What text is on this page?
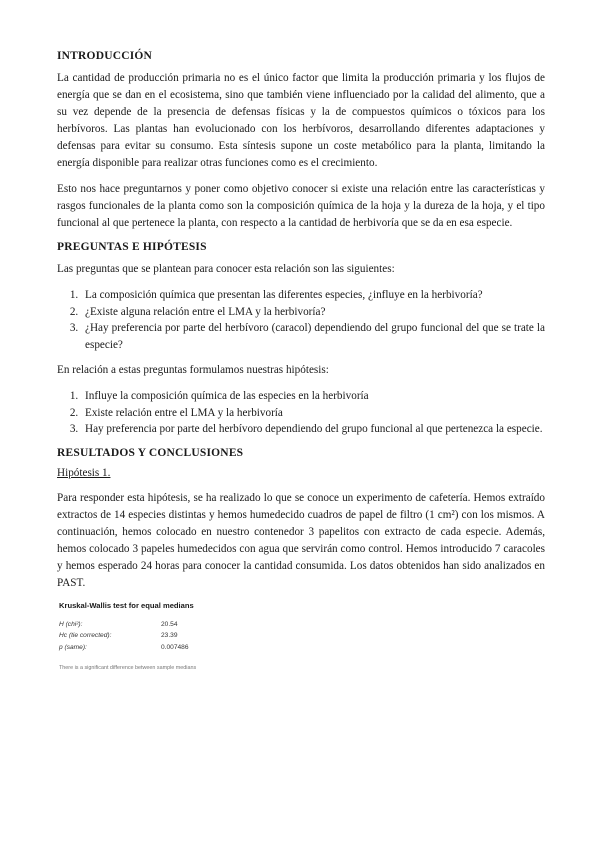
INTRODUCCIÓN

La cantidad de producción primaria no es el único factor que limita la producción primaria y los flujos de energía que se dan en el ecosistema, sino que también viene influenciado por la calidad del alimento, que a su vez depende de la presencia de defensas físicas y la de compuestos químicos o tóxicos para los herbívoros. Las plantas han evolucionado con los herbívoros, desarrollando diferentes adaptaciones y defensas para evitar su consumo. Esta síntesis supone un coste metabólico para la planta, limitando la energía disponible para realizar otras funciones como es el crecimiento.

Esto nos hace preguntarnos y poner como objetivo conocer si existe una relación entre las características y rasgos funcionales de la planta como son la composición química de la hoja y la dureza de la hoja, y el tipo funcional al que pertenece la planta, con respecto a la cantidad de herbivoría que se da en esa especie.

PREGUNTAS E HIPÓTESIS

Las preguntas que se plantean para conocer esta relación son las siguientes:

1. La composición química que presentan las diferentes especies, ¿influye en la herbivoría?
2. ¿Existe alguna relación entre el LMA y la herbivoría?
3. ¿Hay preferencia por parte del herbívoro (caracol) dependiendo del grupo funcional del que se trate la especie?

En relación a estas preguntas formulamos nuestras hipótesis:

1. Influye la composición química de las especies en la herbivoría
2. Existe relación entre el LMA y la herbivoría
3. Hay preferencia por parte del herbívoro dependiendo del grupo funcional al que pertenezca la especie.
RESULTADOS Y CONCLUSIONES
Hipótesis 1.

Para responder esta hipótesis, se ha realizado lo que se conoce un experimento de cafetería. Hemos extraído extractos de 14 especies distintas y hemos humedecido cuadros de papel de filtro (1 cm²) con los mismos. A continuación, hemos colocado en nuestro contenedor 3 papelitos con extracto de cada especie. Además, hemos colocado 3 papeles humedecidos con agua que servirán como control. Hemos introducido 7 caracoles y hemos esperado 24 horas para conocer la cantidad consumida. Los datos obtenidos han sido analizados en PAST.

Kruskal-Wallis test for equal medians
H (chi²):	20.54
Hc (tie corrected):	23.39
p (same):	0.007486
There is a significant difference between sample medians
